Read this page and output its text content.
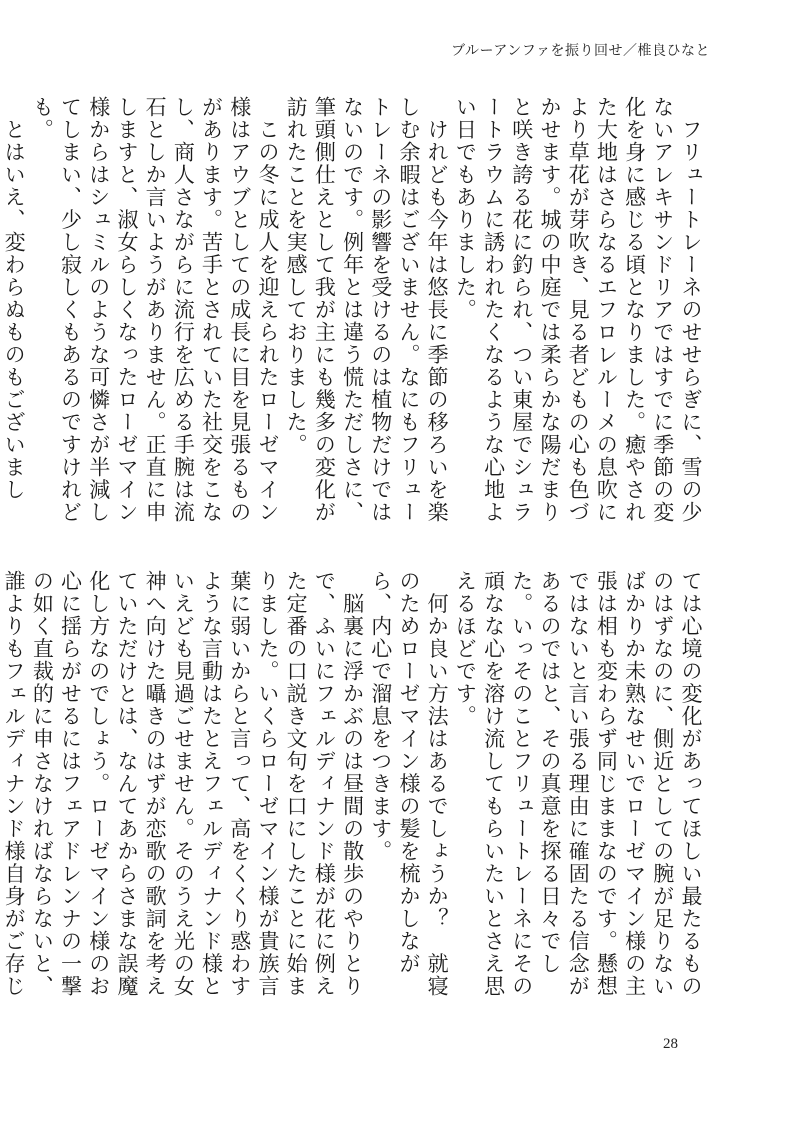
ブルーアンファを振り回せ／椎良ひなと

　フリュートレーネのせせらぎに、雪の少ないアレキサンドリアではすでに季節の変化を身に感じる頃となりました。癒やされた大地はさらなるエフロレルーメの息吹により草花が芽吹き、見る者どもの心も色づかせます。城の中庭では柔らかな陽だまりと咲き誇る花に釣られ、つい東屋でシュラートラウムに誘われたくなるような心地よい日でもありました。

　けれども今年は悠長に季節の移ろいを楽しむ余暇はございません。なにもフリュートレーネの影響を受けるのは植物だけではないのです。例年とは違う慌ただしさに、筆頭側仕えとして我が主にも幾多の変化が訪れたことを実感しておりました。

　この冬に成人を迎えられたローゼマイン様はアウブとしての成長に目を見張るものがあります。苦手とされていた社交をこなし、商人さながらに流行を広める手腕は流石としか言いようがありません。正直に申しますと、淑女らしくなったローゼマイン様からはシュミルのような可憐さが半減してしまい、少し寂しくもあるのですけれども。

　とはいえ、変わらぬものもございまし

ては心境の変化があってほしい最たるもののはずなのに、側近としての腕が足りないばかりか未熟なせいでローゼマイン様の主張は相も変わらず同じままなのです。懸想ではないと言い張る理由に確固たる信念があるのではと、その真意を探る日々でした。いっそのことフリュートレーネにその頑なな心を溶け流してもらいたいとさえ思えるほどです。

　何か良い方法はあるでしょうか？　就寝のためローゼマイン様の髪を梳かしながら、内心で溜息をつきます。

　脳裏に浮かぶのは昼間の散歩のやりとりで、ふいにフェルディナンド様が花に例えた定番の口説き文句を口にしたことに始まりました。いくらローゼマイン様が貴族言葉に弱いからと言って、高をくくり惑わすような言動はたとえフェルディナンド様といえども見過ごせません。そのうえ光の女神へ向けた囁きのはずが恋歌の歌詞を考えていただけとは、なんてあからさまな誤魔化し方なのでしょう。ローゼマイン様のお心に揺らがせるにはフェアドレンナの一撃の如く直裁的に申さなければならないと、誰よりもフェルディナンド様自身がご存じ

28
